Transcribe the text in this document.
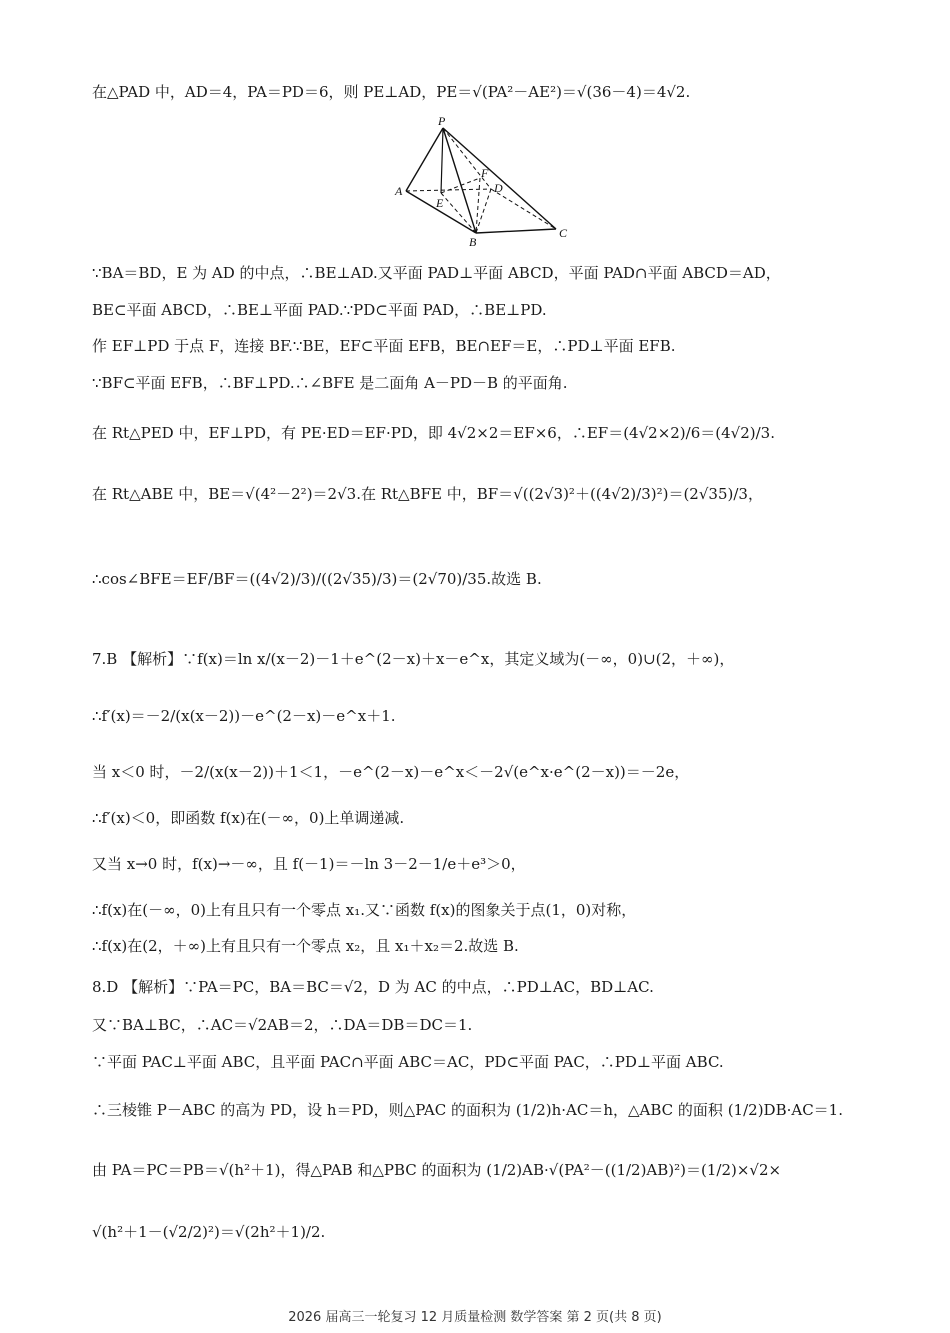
在△PAD 中，AD＝4，PA＝PD＝6，则 PE⊥AD，PE＝√(PA²－AE²)＝√(36－4)＝4√2.
P
A
E
F
D
B
C
∵BA＝BD，E 为 AD 的中点，∴BE⊥AD.又平面 PAD⊥平面 ABCD，平面 PAD∩平面 ABCD＝AD，
BE⊂平面 ABCD，∴BE⊥平面 PAD.∵PD⊂平面 PAD，∴BE⊥PD.
作 EF⊥PD 于点 F，连接 BF.∵BE，EF⊂平面 EFB，BE∩EF＝E，∴PD⊥平面 EFB.
∵BF⊂平面 EFB，∴BF⊥PD.∴∠BFE 是二面角 A－PD－B 的平面角.
在 Rt△PED 中，EF⊥PD，有 PE·ED＝EF·PD，即 4√2×2＝EF×6，∴EF＝(4√2×2)/6＝(4√2)/3.
在 Rt△ABE 中，BE＝√(4²－2²)＝2√3.在 Rt△BFE 中，BF＝√((2√3)²＋((4√2)/3)²)＝(2√35)/3，
∴cos∠BFE＝EF/BF＝((4√2)/3)/((2√35)/3)＝(2√70)/35.故选 B.
7.B 【解析】∵f(x)＝ln x/(x－2)－1＋e^(2－x)＋x－e^x，其定义域为(－∞，0)∪(2，＋∞)，
∴f′(x)＝－2/(x(x－2))－e^(2－x)－e^x＋1.
当 x＜0 时，－2/(x(x－2))＋1＜1，－e^(2－x)－e^x＜－2√(e^x·e^(2－x))＝－2e，
∴f′(x)＜0，即函数 f(x)在(－∞，0)上单调递减.
又当 x→0 时，f(x)→－∞，且 f(－1)＝－ln 3－2－1/e＋e³＞0，
∴f(x)在(－∞，0)上有且只有一个零点 x₁.又∵函数 f(x)的图象关于点(1，0)对称，
∴f(x)在(2，＋∞)上有且只有一个零点 x₂，且 x₁＋x₂＝2.故选 B.
8.D 【解析】∵PA＝PC，BA＝BC＝√2，D 为 AC 的中点，∴PD⊥AC，BD⊥AC.
又∵BA⊥BC，∴AC＝√2AB＝2，∴DA＝DB＝DC＝1.
∵平面 PAC⊥平面 ABC，且平面 PAC∩平面 ABC＝AC，PD⊂平面 PAC，∴PD⊥平面 ABC.
∴三棱锥 P－ABC 的高为 PD，设 h＝PD，则△PAC 的面积为 (1/2)h·AC＝h，△ABC 的面积 (1/2)DB·AC＝1.
由 PA＝PC＝PB＝√(h²＋1)，得△PAB 和△PBC 的面积为 (1/2)AB·√(PA²－((1/2)AB)²)＝(1/2)×√2×
√(h²＋1－(√2/2)²)＝√(2h²＋1)/2.
2026 届高三一轮复习 12 月质量检测 数学答案 第 2 页(共 8 页)
